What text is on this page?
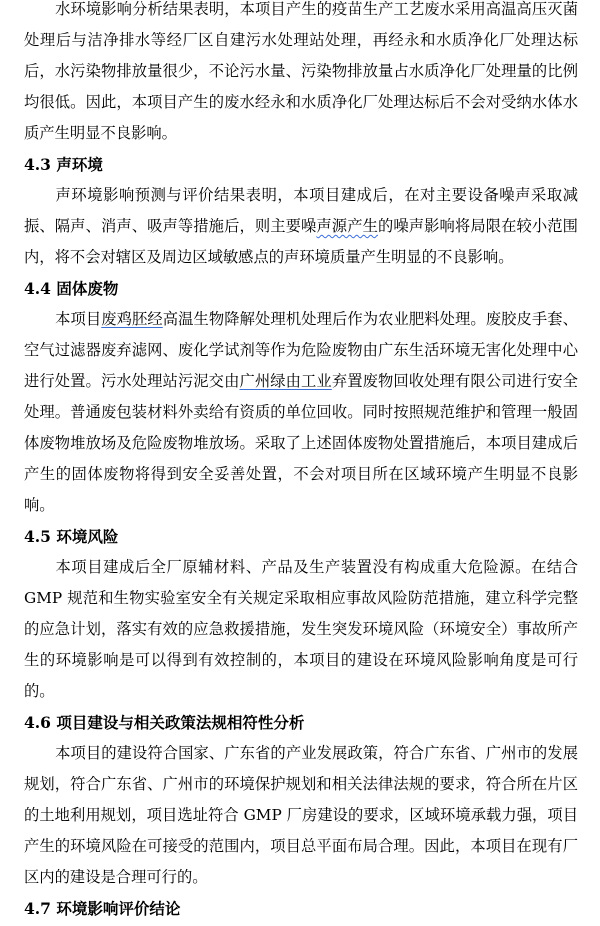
水环境影响分析结果表明，本项目产生的疫苗生产工艺废水采用高温高压灭菌处理后与洁净排水等经厂区自建污水处理站处理，再经永和水质净化厂处理达标后，水污染物排放量很少，不论污水量、污染物排放量占水质净化厂处理量的比例均很低。因此，本项目产生的废水经永和水质净化厂处理达标后不会对受纳水体水质产生明显不良影响。

4.3 声环境

声环境影响预测与评价结果表明，本项目建成后，在对主要设备噪声采取减振、隔声、消声、吸声等措施后，则主要噪声源产生的噪声影响将局限在较小范围内，将不会对辖区及周边区域敏感点的声环境质量产生明显的不良影响。

4.4 固体废物

本项目废鸡胚经高温生物降解处理机处理后作为农业肥料处理。废胶皮手套、空气过滤器废弃滤网、废化学试剂等作为危险废物由广东生活环境无害化处理中心进行处置。污水处理站污泥交由广州绿由工业弃置废物回收处理有限公司进行安全处理。普通废包装材料外卖给有资质的单位回收。同时按照规范维护和管理一般固体废物堆放场及危险废物堆放场。采取了上述固体废物处置措施后，本项目建成后产生的固体废物将得到安全妥善处置，不会对项目所在区域环境产生明显不良影响。

4.5 环境风险

本项目建成后全厂原辅材料、产品及生产装置没有构成重大危险源。在结合GMP 规范和生物实验室安全有关规定采取相应事故风险防范措施，建立科学完整的应急计划，落实有效的应急救援措施，发生突发环境风险（环境安全）事故所产生的环境影响是可以得到有效控制的，本项目的建设在环境风险影响角度是可行的。

4.6 项目建设与相关政策法规相符性分析

本项目的建设符合国家、广东省的产业发展政策，符合广东省、广州市的发展规划，符合广东省、广州市的环境保护规划和相关法律法规的要求，符合所在片区的土地利用规划，项目选址符合 GMP 厂房建设的要求，区域环境承载力强，项目产生的环境风险在可接受的范围内，项目总平面布局合理。因此，本项目在现有厂区内的建设是合理可行的。

4.7 环境影响评价结论
